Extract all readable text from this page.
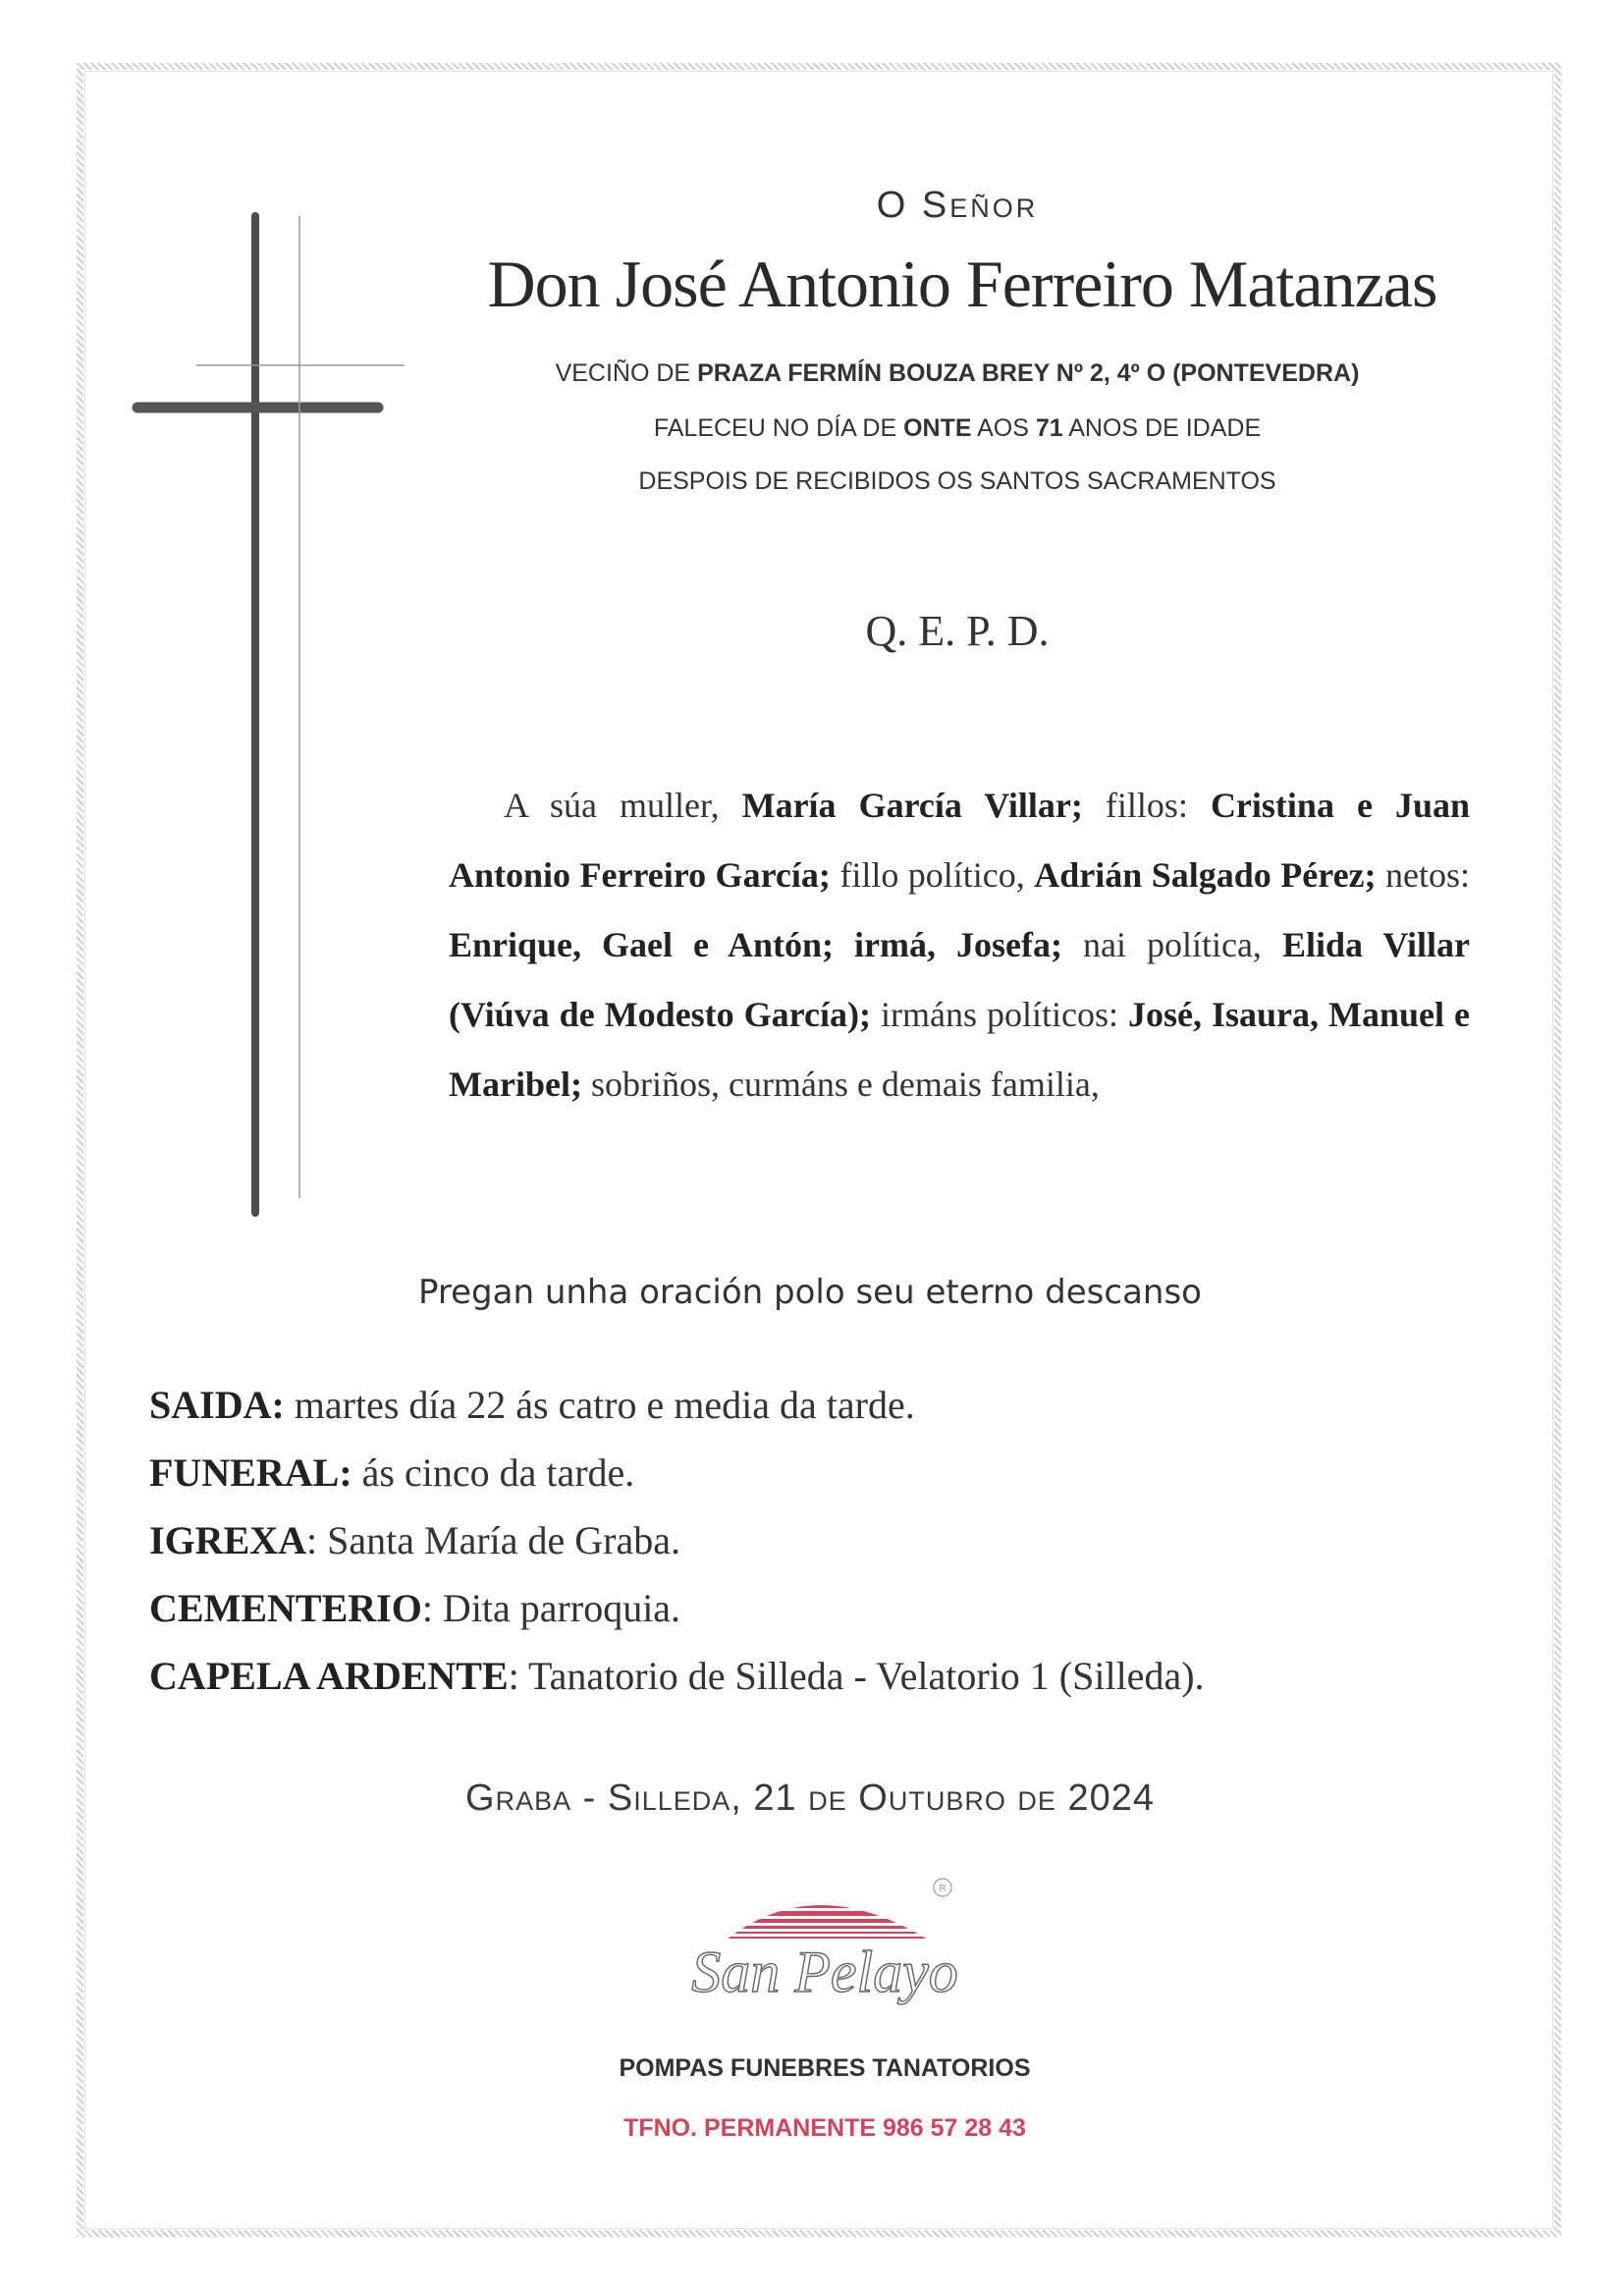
O Señor
Don José Antonio Ferreiro Matanzas
VECIÑO DE PRAZA FERMÍN BOUZA BREY Nº 2, 4º O (PONTEVEDRA)
FALECEU NO DÍA DE ONTE AOS 71 ANOS DE IDADE
DESPOIS DE RECIBIDOS OS SANTOS SACRAMENTOS
Q. E. P. D.
A súa muller, María García Villar; fillos: Cristina e Juan Antonio Ferreiro García; fillo político, Adrián Salgado Pérez; netos: Enrique, Gael e Antón; irmá, Josefa; nai política, Elida Villar (Viúva de Modesto García); irmáns políticos: José, Isaura, Manuel e Maribel; sobriños, curmáns e demais familia,
Pregan unha oración polo seu eterno descanso
SAIDA: martes día 22 ás catro e media da tarde.
FUNERAL: ás cinco da tarde.
IGREXA: Santa María de Graba.
CEMENTERIO: Dita parroquia.
CAPELA ARDENTE: Tanatorio de Silleda - Velatorio 1 (Silleda).
Graba - Silleda, 21 de Outubro de 2024
R
San Pelayo
POMPAS FUNEBRES TANATORIOS
TFNO. PERMANENTE 986 57 28 43
